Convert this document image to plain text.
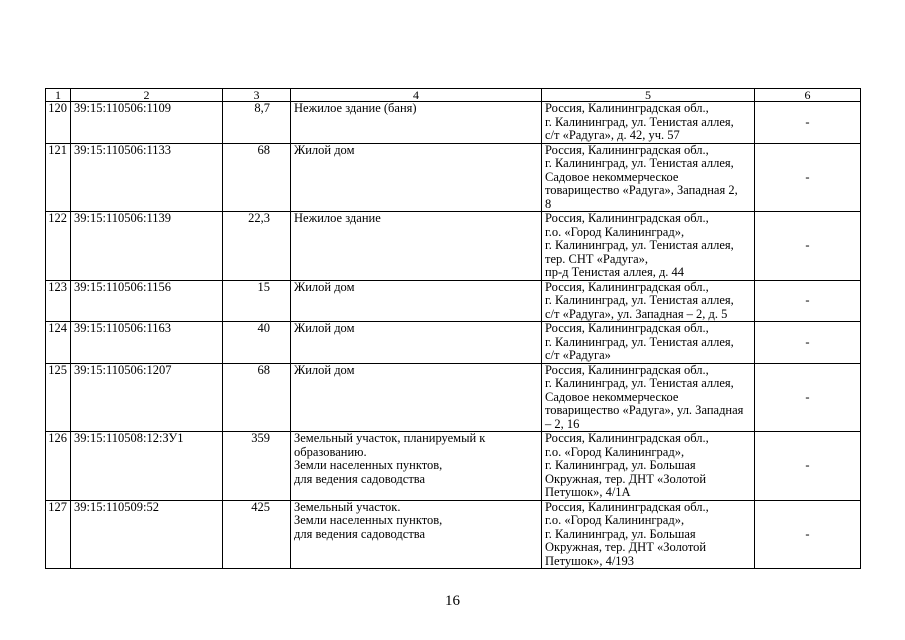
1	2	3	4	5	6
120	39:15:110506:1109	8,7	Нежилое здание (баня)	Россия, Калининградская обл.,
г. Калининград, ул. Тенистая аллея,
с/т «Радуга», д. 42, уч. 57	-
121	39:15:110506:1133	68	Жилой дом	Россия, Калининградская обл.,
г. Калининград, ул. Тенистая аллея,
Садовое некоммерческое
товарищество «Радуга», Западная 2,
8	-
122	39:15:110506:1139	22,3	Нежилое здание	Россия, Калининградская обл.,
г.о. «Город Калининград»,
г. Калининград, ул. Тенистая аллея,
тер. СНТ «Радуга»,
пр-д Тенистая аллея, д. 44	-
123	39:15:110506:1156	15	Жилой дом	Россия, Калининградская обл.,
г. Калининград, ул. Тенистая аллея,
с/т «Радуга», ул. Западная – 2, д. 5	-
124	39:15:110506:1163	40	Жилой дом	Россия, Калининградская обл.,
г. Калининград, ул. Тенистая аллея,
с/т «Радуга»	-
125	39:15:110506:1207	68	Жилой дом	Россия, Калининградская обл.,
г. Калининград, ул. Тенистая аллея,
Садовое некоммерческое
товарищество «Радуга», ул. Западная
– 2, 16	-
126	39:15:110508:12:ЗУ1	359	Земельный участок, планируемый к
образованию.
Земли населенных пунктов,
для ведения садоводства	Россия, Калининградская обл.,
г.о. «Город Калининград»,
г. Калининград, ул. Большая
Окружная, тер. ДНТ «Золотой
Петушок», 4/1А	-
127	39:15:110509:52	425	Земельный участок.
Земли населенных пунктов,
для ведения садоводства	Россия, Калининградская обл.,
г.о. «Город Калининград»,
г. Калининград, ул. Большая
Окружная, тер. ДНТ «Золотой
Петушок», 4/193	-
16
